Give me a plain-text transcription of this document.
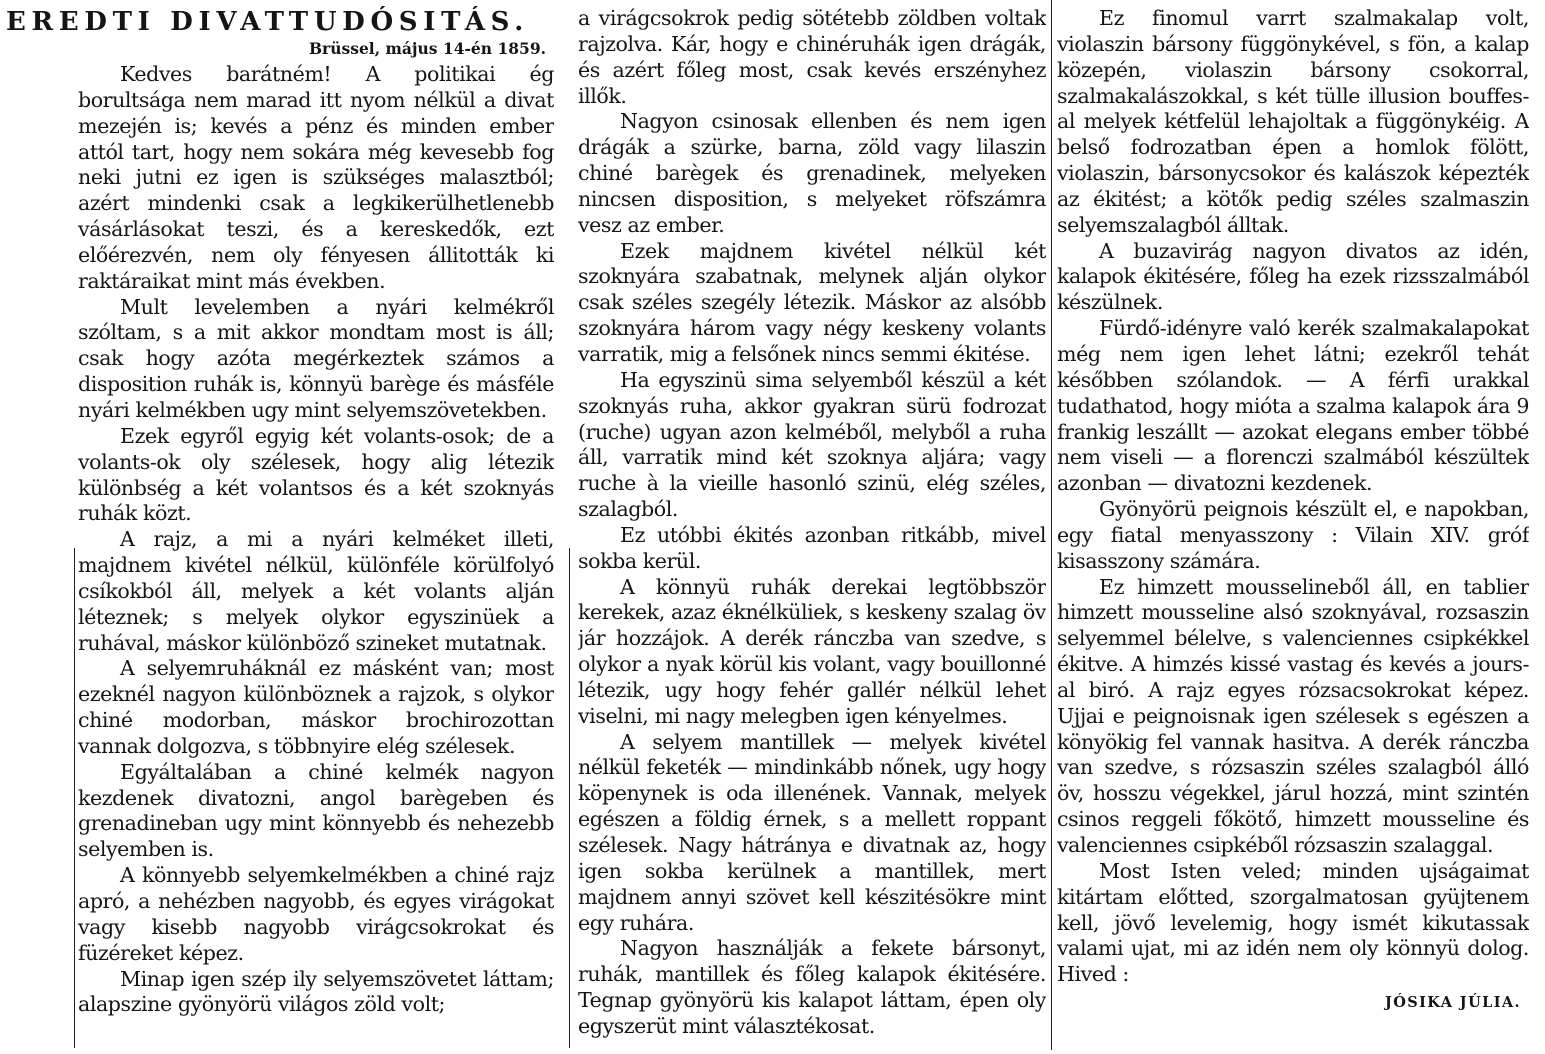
EREDTI DIVATTUDÓSITÁS.
Brüssel, május 14-én 1859.

Kedves barátném! A politikai ég borultsága nem marad itt nyom nélkül a divat mezején is; kevés a pénz és minden ember attól tart, hogy nem sokára még kevesebb fog neki jutni ez igen is szükséges malasztból; azért mindenki csak a legkikerülhetlenebb vásárlásokat teszi, és a kereskedők, ezt előérezvén, nem oly fényesen állitották ki raktáraikat mint más években.

Mult levelemben a nyári kelmékről szóltam, s a mit akkor mondtam most is áll; csak hogy azóta megérkeztek számos a disposition ruhák is, könnyü barège és másféle nyári kelmékben ugy mint selyemszövetekben.

Ezek egyről egyig két volants-osok; de a volants-ok oly szélesek, hogy alig létezik különbség a két volantsos és a két szoknyás ruhák közt.

A rajz, a mi a nyári kelméket illeti, majdnem kivétel nélkül, különféle körülfolyó csíkokból áll, melyek a két volants alján léteznek; s melyek olykor egyszinüek a ruhával, máskor különböző szineket mutatnak.

A selyemruháknál ez másként van; most ezeknél nagyon különböznek a rajzok, s olykor chiné modorban, máskor brochirozottan vannak dolgozva, s többnyire elég szélesek.

Egyáltalában a chiné kelmék nagyon kezdenek divatozni, angol barègeben és grenadineban ugy mint könnyebb és nehezebb selyemben is.

A könnyebb selyemkelmékben a chiné rajz apró, a nehézben nagyobb, és egyes virágokat vagy kisebb nagyobb virágcsokrokat és füzéreket képez.

Minap igen szép ily selyemszövetet láttam; alapszine gyönyörü világos zöld volt;

a virágcsokrok pedig sötétebb zöldben voltak rajzolva. Kár, hogy e chinéruhák igen drágák, és azért főleg most, csak kevés erszényhez illők.

Nagyon csinosak ellenben és nem igen drágák a szürke, barna, zöld vagy lilaszin chiné barègek és grenadinek, melyeken nincsen disposition, s melyeket röfszámra vesz az ember.

Ezek majdnem kivétel nélkül két szoknyára szabatnak, melynek alján olykor csak széles szegély létezik. Máskor az alsóbb szoknyára három vagy négy keskeny volants varratik, mig a felsőnek nincs semmi ékitése.

Ha egyszinü sima selyemből készül a két szoknyás ruha, akkor gyakran sürü fodrozat (ruche) ugyan azon kelméből, melyből a ruha áll, varratik mind két szoknya aljára; vagy ruche à la vieille hasonló szinü, elég széles, szalagból.

Ez utóbbi ékités azonban ritkább, mivel sokba kerül.

A könnyü ruhák derekai legtöbbször kerekek, azaz éknélküliek, s keskeny szalag öv jár hozzájok. A derék ránczba van szedve, s olykor a nyak körül kis volant, vagy bouillonné létezik, ugy hogy fehér gallér nélkül lehet viselni, mi nagy melegben igen kényelmes.

A selyem mantillek — melyek kivétel nélkül feketék — mindinkább nőnek, ugy hogy köpenynek is oda illenének. Vannak, melyek egészen a földig érnek, s a mellett roppant szélesek. Nagy hátránya e divatnak az, hogy igen sokba kerülnek a mantillek, mert majdnem annyi szövet kell készitésökre mint egy ruhára.

Nagyon használják a fekete bársonyt, ruhák, mantillek és főleg kalapok ékitésére. Tegnap gyönyörü kis kalapot láttam, épen oly egyszerüt mint választékosat.

Ez finomul varrt szalmakalap volt, violaszin bársony függönykével, s fön, a kalap közepén, violaszin bársony csokorral, szalmakalászokkal, s két tülle illusion bouffes-al melyek kétfelül lehajoltak a függönykéig. A belső fodrozatban épen a homlok fölött, violaszin, bársonycsokor és kalászok képezték az ékitést; a kötők pedig széles szalmaszin selyemszalagból álltak.

A buzavirág nagyon divatos az idén, kalapok ékitésére, főleg ha ezek rizsszalmából készülnek.

Fürdő-idényre való kerék szalmakalapokat még nem igen lehet látni; ezekről tehát későbben szólandok. — A férfi urakkal tudathatod, hogy mióta a szalma kalapok ára 9 frankig leszállt — azokat elegans ember többé nem viseli — a florenczi szalmából készültek azonban — divatozni kezdenek.

Gyönyörü peignois készült el, e napokban, egy fiatal menyasszony : Vilain XIV. gróf kisasszony számára.

Ez himzett mousselineből áll, en tablier himzett mousseline alsó szoknyával, rozsaszin selyemmel bélelve, s valenciennes csipkékkel ékitve. A himzés kissé vastag és kevés a jours-al biró. A rajz egyes rózsacsokrokat képez. Ujjai e peignoisnak igen szélesek s egészen a könyökig fel vannak hasitva. A derék ránczba van szedve, s rózsaszin széles szalagból álló öv, hosszu végekkel, járul hozzá, mint szintén csinos reggeli főkötő, himzett mousseline és valenciennes csipkéből rózsaszin szalaggal.

Most Isten veled; minden ujságaimat kitártam előtted, szorgalmatosan gyüjtenem kell, jövő levelemig, hogy ismét kikutassak valami ujat, mi az idén nem oly könnyü dolog. Hived :

JÓSIKA JÚLIA.
